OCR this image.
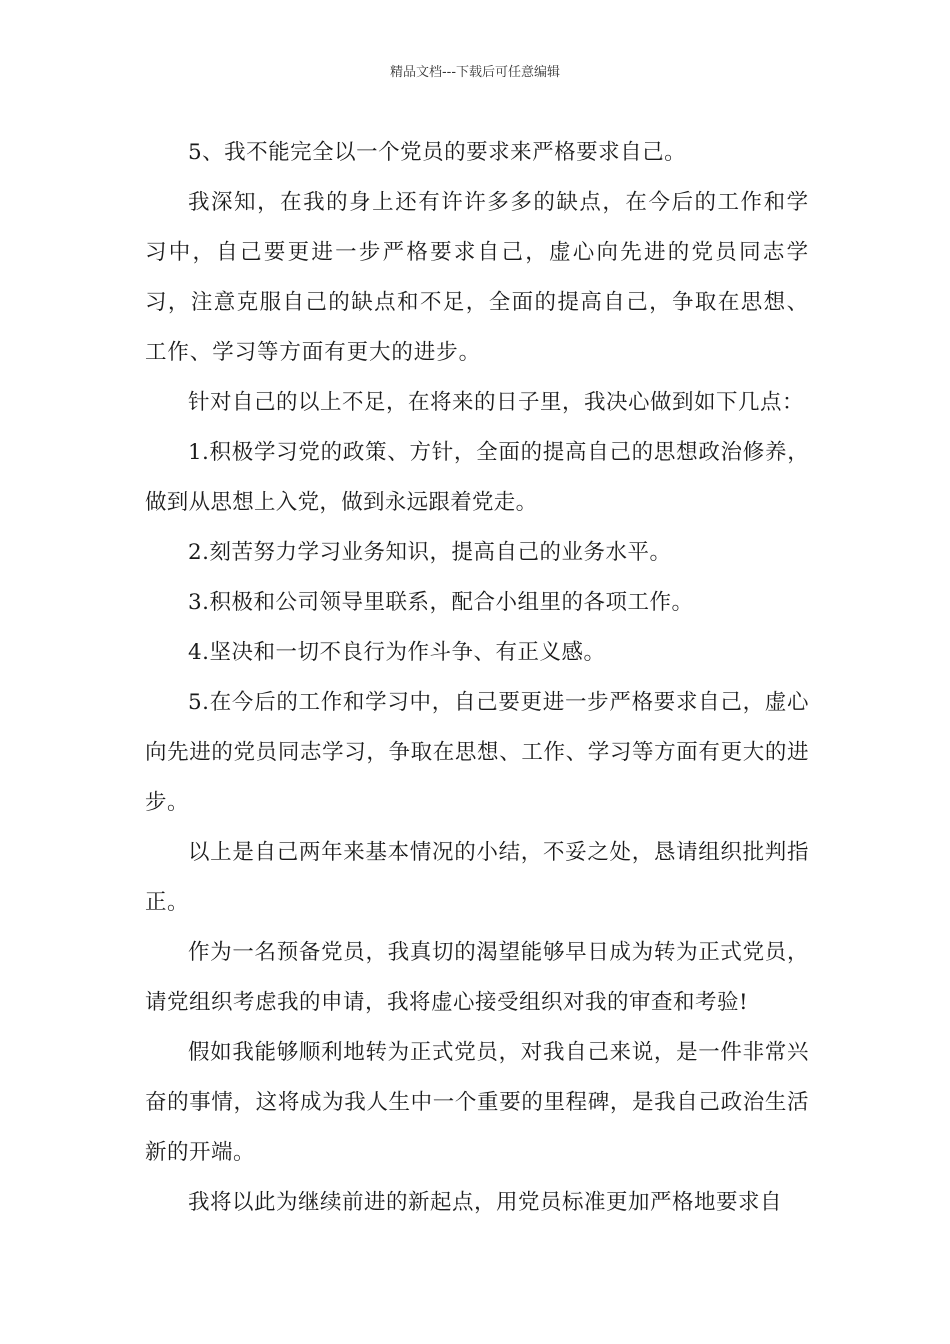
精品文档---下载后可任意编辑

5、我不能完全以一个党员的要求来严格要求自己。

我深知，在我的身上还有许许多多的缺点，在今后的工作和学习中，自己要更进一步严格要求自己，虚心向先进的党员同志学习，注意克服自己的缺点和不足，全面的提高自己，争取在思想、工作、学习等方面有更大的进步。

针对自己的以上不足，在将来的日子里，我决心做到如下几点：

1.积极学习党的政策、方针，全面的提高自己的思想政治修养，做到从思想上入党，做到永远跟着党走。

2.刻苦努力学习业务知识，提高自己的业务水平。

3.积极和公司领导里联系，配合小组里的各项工作。

4.坚决和一切不良行为作斗争、有正义感。

5.在今后的工作和学习中，自己要更进一步严格要求自己，虚心向先进的党员同志学习，争取在思想、工作、学习等方面有更大的进步。

以上是自己两年来基本情况的小结，不妥之处，恳请组织批判指正。

作为一名预备党员，我真切的渴望能够早日成为转为正式党员，请党组织考虑我的申请，我将虚心接受组织对我的审查和考验!

假如我能够顺利地转为正式党员，对我自己来说，是一件非常兴奋的事情，这将成为我人生中一个重要的里程碑，是我自己政治生活新的开端。

我将以此为继续前进的新起点，用党员标准更加严格地要求自
